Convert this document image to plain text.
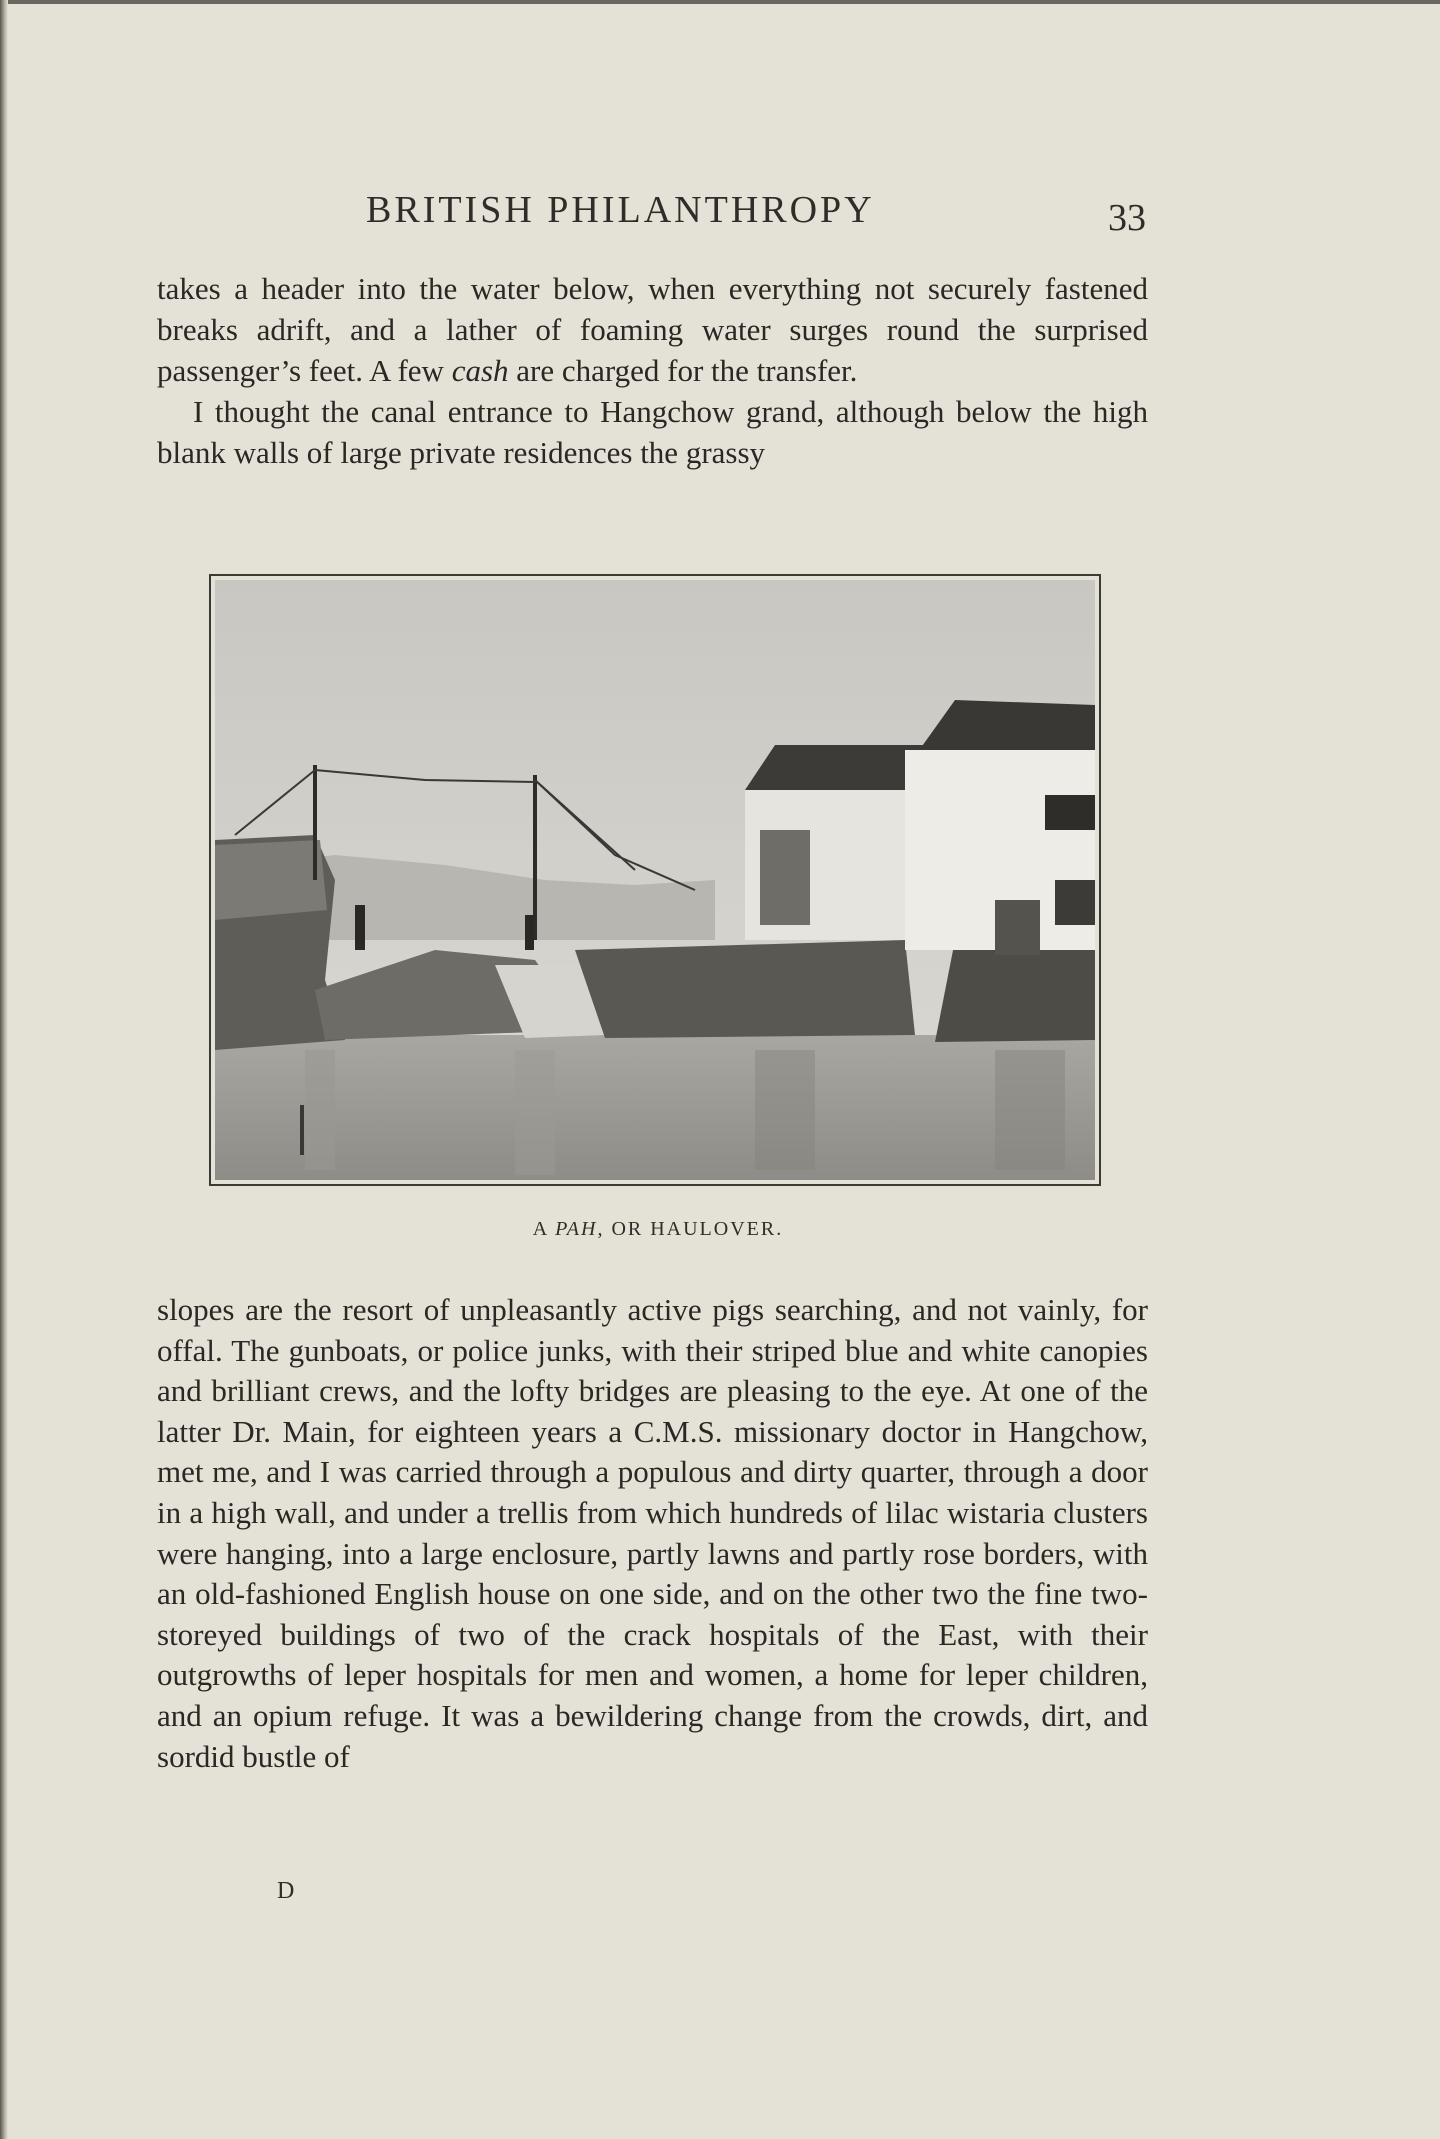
BRITISH PHILANTHROPY	33

takes a header into the water below, when everything not securely fastened breaks adrift, and a lather of foaming water surges round the surprised passenger’s feet. A few cash are charged for the transfer.

I thought the canal entrance to Hangchow grand, although below the high blank walls of large private residences the grassy

A PAH, OR HAULOVER.

slopes are the resort of unpleasantly active pigs searching, and not vainly, for offal. The gunboats, or police junks, with their striped blue and white canopies and brilliant crews, and the lofty bridges are pleasing to the eye. At one of the latter Dr. Main, for eighteen years a C.M.S. missionary doctor in Hangchow, met me, and I was carried through a populous and dirty quarter, through a door in a high wall, and under a trellis from which hundreds of lilac wistaria clusters were hanging, into a large enclosure, partly lawns and partly rose borders, with an old-fashioned English house on one side, and on the other two the fine two-storeyed buildings of two of the crack hospitals of the East, with their outgrowths of leper hospitals for men and women, a home for leper children, and an opium refuge. It was a bewildering change from the crowds, dirt, and sordid bustle of

D
